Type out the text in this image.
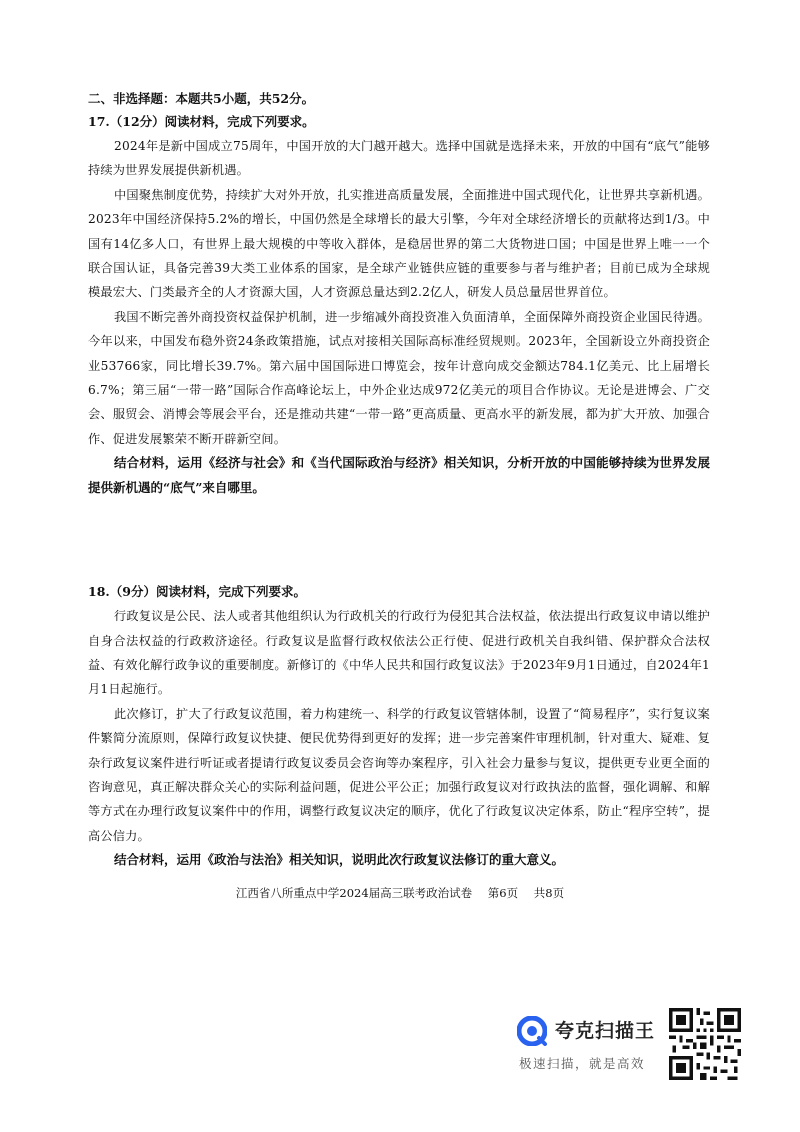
二、非选择题：本题共5小题，共52分。
17.（12分）阅读材料，完成下列要求。
2024年是新中国成立75周年，中国开放的大门越开越大。选择中国就是选择未来，开放的中国有“底气”能够持续为世界发展提供新机遇。
中国聚焦制度优势，持续扩大对外开放，扎实推进高质量发展，全面推进中国式现代化，让世界共享新机遇。2023年中国经济保持5.2%的增长，中国仍然是全球增长的最大引擎，今年对全球经济增长的贡献将达到1/3。中国有14亿多人口，有世界上最大规模的中等收入群体，是稳居世界的第二大货物进口国；中国是世界上唯一一个联合国认证，具备完善39大类工业体系的国家，是全球产业链供应链的重要参与者与维护者；目前已成为全球规模最宏大、门类最齐全的人才资源大国，人才资源总量达到2.2亿人，研发人员总量居世界首位。
我国不断完善外商投资权益保护机制，进一步缩减外商投资准入负面清单，全面保障外商投资企业国民待遇。今年以来，中国发布稳外资24条政策措施，试点对接相关国际高标准经贸规则。2023年，全国新设立外商投资企业53766家，同比增长39.7%。第六届中国国际进口博览会，按年计意向成交金额达784.1亿美元、比上届增长6.7%；第三届“一带一路”国际合作高峰论坛上，中外企业达成972亿美元的项目合作协议。无论是进博会、广交会、服贸会、消博会等展会平台，还是推动共建“一带一路”更高质量、更高水平的新发展，都为扩大开放、加强合作、促进发展繁荣不断开辟新空间。
结合材料，运用《经济与社会》和《当代国际政治与经济》相关知识，分析开放的中国能够持续为世界发展提供新机遇的“底气”来自哪里。
18.（9分）阅读材料，完成下列要求。
行政复议是公民、法人或者其他组织认为行政机关的行政行为侵犯其合法权益，依法提出行政复议申请以维护自身合法权益的行政救济途径。行政复议是监督行政权依法公正行使、促进行政机关自我纠错、保护群众合法权益、有效化解行政争议的重要制度。新修订的《中华人民共和国行政复议法》于2023年9月1日通过，自2024年1月1日起施行。
此次修订，扩大了行政复议范围，着力构建统一、科学的行政复议管辖体制，设置了“简易程序”，实行复议案件繁简分流原则，保障行政复议快捷、便民优势得到更好的发挥；进一步完善案件审理机制，针对重大、疑难、复杂行政复议案件进行听证或者提请行政复议委员会咨询等办案程序，引入社会力量参与复议，提供更专业更全面的咨询意见，真正解决群众关心的实际利益问题，促进公平公正；加强行政复议对行政执法的监督，强化调解、和解等方式在办理行政复议案件中的作用，调整行政复议决定的顺序，优化了行政复议决定体系，防止“程序空转”，提高公信力。
结合材料，运用《政治与法治》相关知识，说明此次行政复议法修订的重大意义。
江西省八所重点中学2024届高三联考政治试卷 第6页 共8页
夸克扫描王
极速扫描，就是高效
